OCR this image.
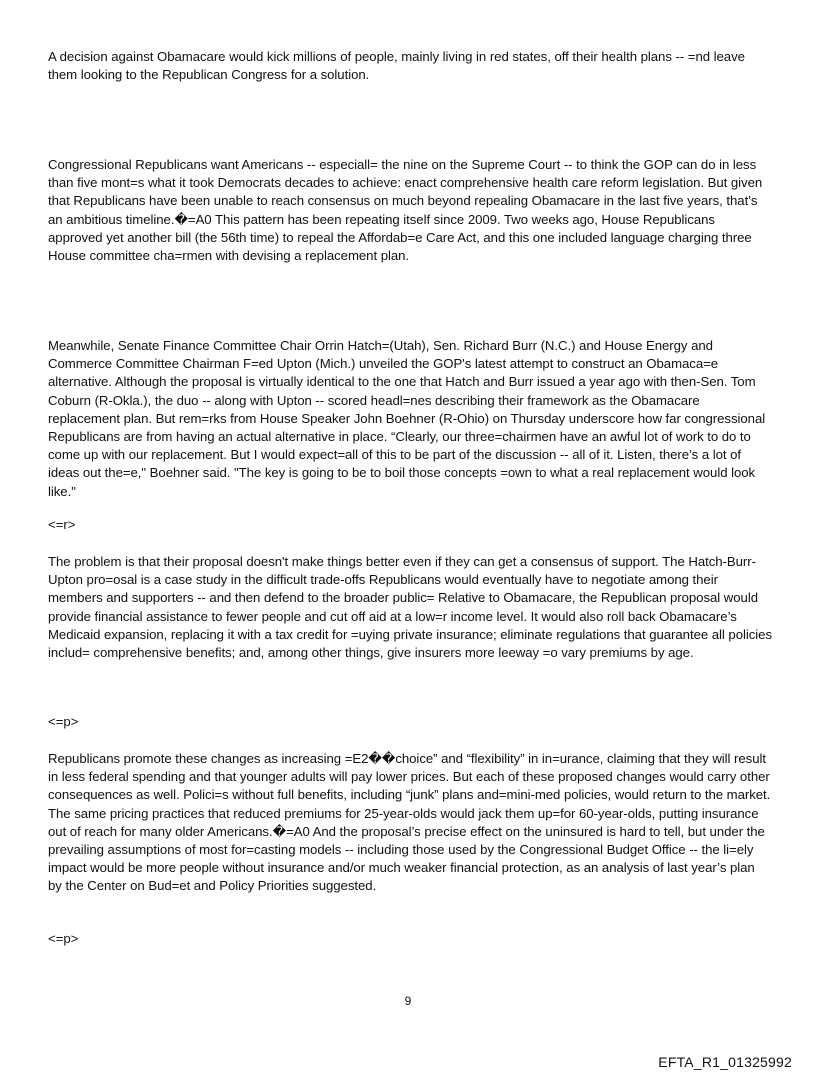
A decision against Obamacare would kick millions of people, mainly living in red states, off their health plans -- =nd leave them looking to the Republican Congress for a solution.

Congressional Republicans want Americans -- especiall= the nine on the Supreme Court -- to think the GOP can do in less than five mont=s what it took Democrats decades to achieve: enact comprehensive health care reform legislation. But given that Republicans have been unable to reach consensus on much beyond repealing Obamacare in the last five years, that’s an ambitious timeline.�=A0 This pattern has been repeating itself since 2009. Two weeks ago, House Republicans approved yet another bill (the 56th time) to repeal the Affordab=e Care Act, and this one included language charging three House committee cha=rmen with devising a replacement plan.

Meanwhile, Senate Finance Committee Chair Orrin Hatch=(Utah), Sen. Richard Burr (N.C.) and House Energy and Commerce Committee Chairman F=ed Upton (Mich.) unveiled the GOP's latest attempt to construct an Obamaca=e alternative. Although the proposal is virtually identical to the one that Hatch and Burr issued a year ago with then-Sen. Tom Coburn (R-Okla.), the duo -- along with Upton -- scored headl=nes describing their framework as the Obamacare replacement plan. But rem=rks from House Speaker John Boehner (R-Ohio) on Thursday underscore how far congressional Republicans are from having an actual alternative in place. “Clearly, our three=chairmen have an awful lot of work to do to come up with our replacement. But I would expect=all of this to be part of the discussion -- all of it. Listen, there’s a lot of ideas out the=e," Boehner said. "The key is going to be to boil those concepts =own to what a real replacement would look like."

<=r>

The problem is that their proposal doesn't make things better even if they can get a consensus of support. The Hatch-Burr-Upton pro=osal is a case study in the difficult trade-offs Republicans would eventually have to negotiate among their members and supporters -- and then defend to the broader public= Relative to Obamacare, the Republican proposal would provide financial assistance to fewer people and cut off aid at a low=r income level. It would also roll back Obamacare’s Medicaid expansion, replacing it with a tax credit for =uying private insurance; eliminate regulations that guarantee all policies includ= comprehensive benefits; and, among other things, give insurers more leeway =o vary premiums by age.

<=p>

Republicans promote these changes as increasing =E2��choice” and “flexibility” in in=urance, claiming that they will result in less federal spending and that younger adults will pay lower prices. But each of these proposed changes would carry other consequences as well. Polici=s without full benefits, including “junk” plans and=mini-med policies, would return to the market. The same pricing practices that reduced premiums for 25-year-olds would jack them up=for 60-year-olds, putting insurance out of reach for many older Americans.�=A0 And the proposal’s precise effect on the uninsured is hard to tell, but under the prevailing assumptions of most for=casting models -- including those used by the Congressional Budget Office -- the li=ely impact would be more people without insurance and/or much weaker financial protection, as an analysis of last year’s plan by the Center on Bud=et and Policy Priorities suggested.

<=p>

9
EFTA_R1_01325992
